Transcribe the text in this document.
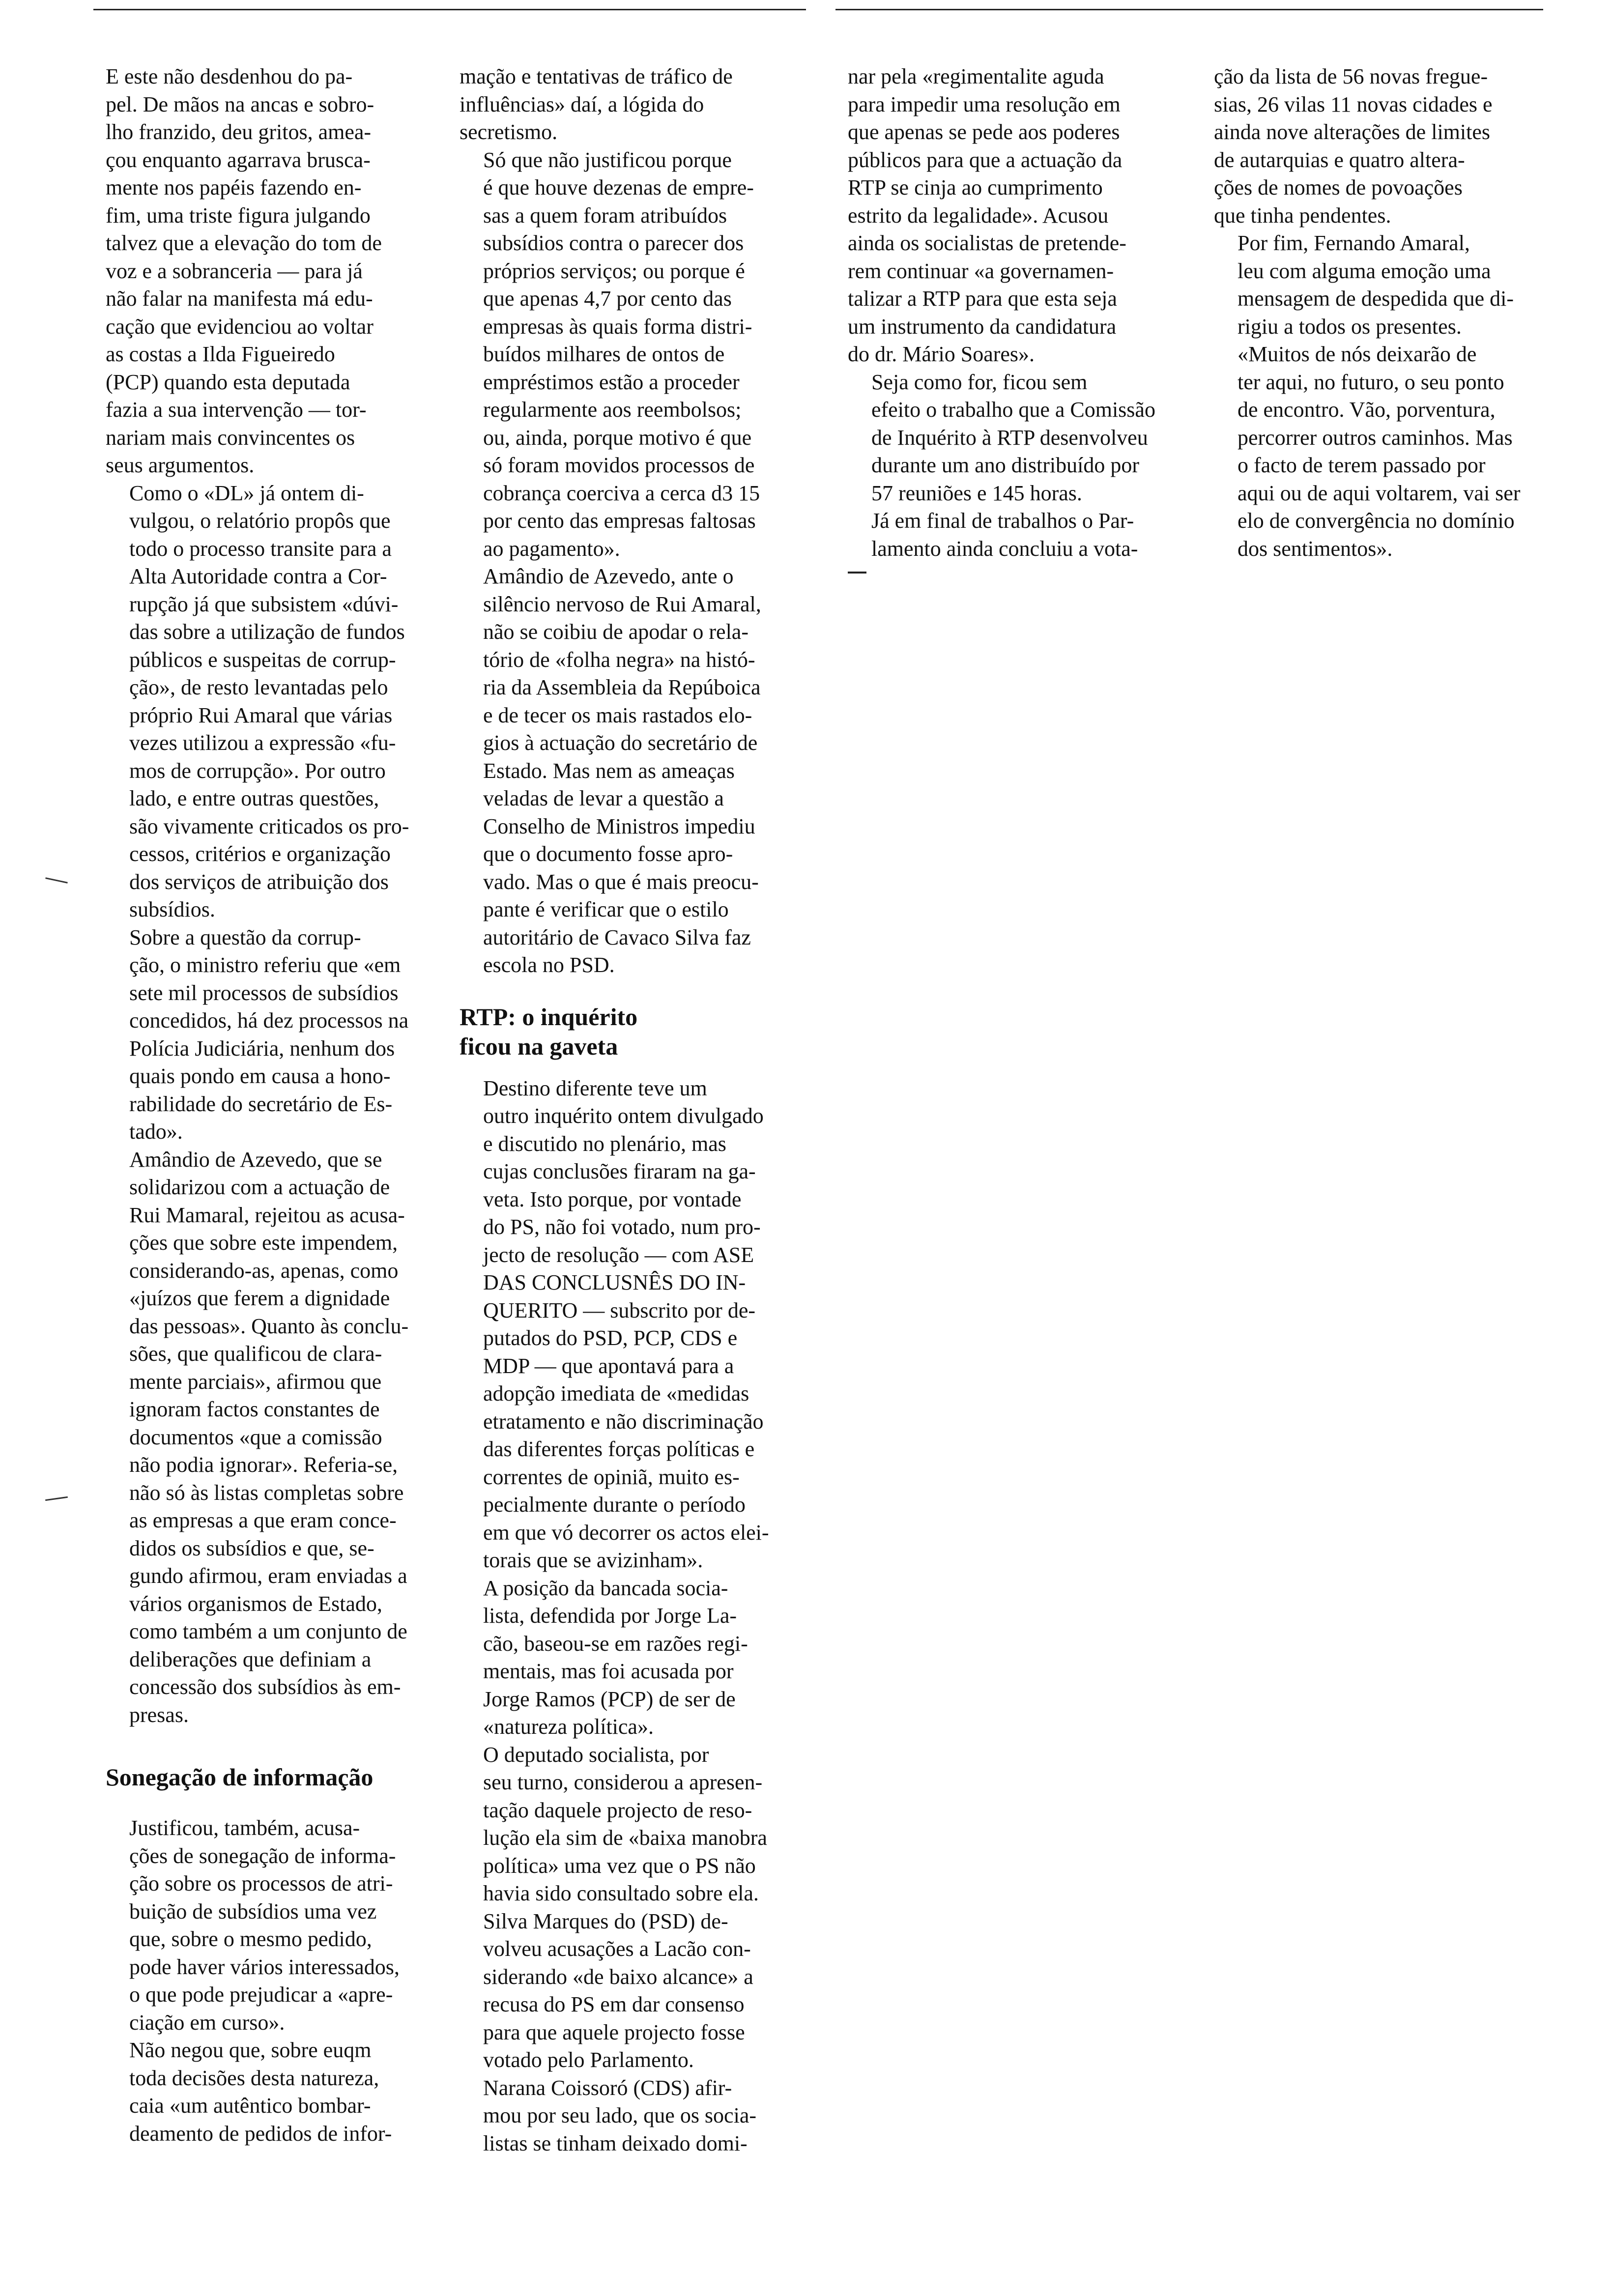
E este não desdenhou do pa-
pel. De mãos na ancas e sobro-
lho franzido, deu gritos, amea-
çou enquanto agarrava brusca-
mente nos papéis fazendo en-
fim, uma triste figura julgando
talvez que a elevação do tom de
voz e a sobranceria — para já
não falar na manifesta má edu-
cação que evidenciou ao voltar
as costas a Ilda Figueiredo
(PCP) quando esta deputada
fazia a sua intervenção — tor-
nariam mais convincentes os
seus argumentos.

Como o «DL» já ontem di-
vulgou, o relatório propôs que
todo o processo transite para a
Alta Autoridade contra a Cor-
rupção já que subsistem «dúvi-
das sobre a utilização de fundos
públicos e suspeitas de corrup-
ção», de resto levantadas pelo
próprio Rui Amaral que várias
vezes utilizou a expressão «fu-
mos de corrupção». Por outro
lado, e entre outras questões,
são vivamente criticados os pro-
cessos, critérios e organização
dos serviços de atribuição dos
subsídios.

Sobre a questão da corrup-
ção, o ministro referiu que «em
sete mil processos de subsídios
concedidos, há dez processos na
Polícia Judiciária, nenhum dos
quais pondo em causa a hono-
rabilidade do secretário de Es-
tado».

Amândio de Azevedo, que se
solidarizou com a actuação de
Rui Mamaral, rejeitou as acusa-
ções que sobre este impendem,
considerando-as, apenas, como
«juízos que ferem a dignidade
das pessoas». Quanto às conclu-
sões, que qualificou de clara-
mente parciais», afirmou que
ignoram factos constantes de
documentos «que a comissão
não podia ignorar». Referia-se,
não só às listas completas sobre
as empresas a que eram conce-
didos os subsídios e que, se-
gundo afirmou, eram enviadas a
vários organismos de Estado,
como também a um conjunto de
deliberações que definiam a
concessão dos subsídios às em-
presas.

Sonegação de informação

Justificou, também, acusa-
ções de sonegação de informa-
ção sobre os processos de atri-
buição de subsídios uma vez
que, sobre o mesmo pedido,
pode haver vários interessados,
o que pode prejudicar a «apre-
ciação em curso».

Não negou que, sobre euqm
toda decisões desta natureza,
caia «um autêntico bombar-
deamento de pedidos de infor-

mação e tentativas de tráfico de
influências» daí, a lógida do
secretismo.

Só que não justificou porque
é que houve dezenas de empre-
sas a quem foram atribuídos
subsídios contra o parecer dos
próprios serviços; ou porque é
que apenas 4,7 por cento das
empresas às quais forma distri-
buídos milhares de ontos de
empréstimos estão a proceder
regularmente aos reembolsos;
ou, ainda, porque motivo é que
só foram movidos processos de
cobrança coerciva a cerca d3 15
por cento das empresas faltosas
ao pagamento».

Amândio de Azevedo, ante o
silêncio nervoso de Rui Amaral,
não se coibiu de apodar o rela-
tório de «folha negra» na histó-
ria da Assembleia da Repúboica
e de tecer os mais rastados elo-
gios à actuação do secretário de
Estado. Mas nem as ameaças
veladas de levar a questão a
Conselho de Ministros impediu
que o documento fosse apro-
vado. Mas o que é mais preocu-
pante é verificar que o estilo
autoritário de Cavaco Silva faz
escola no PSD.

RTP: o inquérito
ficou na gaveta

Destino diferente teve um
outro inquérito ontem divulgado
e discutido no plenário, mas
cujas conclusões firaram na ga-
veta. Isto porque, por vontade
do PS, não foi votado, num pro-
jecto de resolução — com ASE
DAS CONCLUSNÊS DO IN-
QUERITO — subscrito por de-
putados do PSD, PCP, CDS e
MDP — que apontavá para a
adopção imediata de «medidas
etratamento e não discriminação
das diferentes forças políticas e
correntes de opiniã, muito es-
pecialmente durante o período
em que vó decorrer os actos elei-
torais que se avizinham».

A posição da bancada socia-
lista, defendida por Jorge La-
cão, baseou-se em razões regi-
mentais, mas foi acusada por
Jorge Ramos (PCP) de ser de
«natureza política».

O deputado socialista, por
seu turno, considerou a apresen-
tação daquele projecto de reso-
lução ela sim de «baixa manobra
política» uma vez que o PS não
havia sido consultado sobre ela.

Silva Marques do (PSD) de-
volveu acusações a Lacão con-
siderando «de baixo alcance» a
recusa do PS em dar consenso
para que aquele projecto fosse
votado pelo Parlamento.

Narana Coissoró (CDS) afir-
mou por seu lado, que os socia-
listas se tinham deixado domi-

nar pela «regimentalite aguda
para impedir uma resolução em
que apenas se pede aos poderes
públicos para que a actuação da
RTP se cinja ao cumprimento
estrito da legalidade». Acusou
ainda os socialistas de pretende-
rem continuar «a governamen-
talizar a RTP para que esta seja
um instrumento da candidatura
do dr. Mário Soares».

Seja como for, ficou sem
efeito o trabalho que a Comissão
de Inquérito à RTP desenvolveu
durante um ano distribuído por
57 reuniões e 145 horas.

Já em final de trabalhos o Par-
lamento ainda concluiu a vota-

ção da lista de 56 novas fregue-
sias, 26 vilas 11 novas cidades e
ainda nove alterações de limites
de autarquias e quatro altera-
ções de nomes de povoações
que tinha pendentes.

Por fim, Fernando Amaral,
leu com alguma emoção uma
mensagem de despedida que di-
rigiu a todos os presentes.

«Muitos de nós deixarão de
ter aqui, no futuro, o seu ponto
de encontro. Vão, porventura,
percorrer outros caminhos. Mas
o facto de terem passado por
aqui ou de aqui voltarem, vai ser
elo de convergência no domínio
dos sentimentos».
